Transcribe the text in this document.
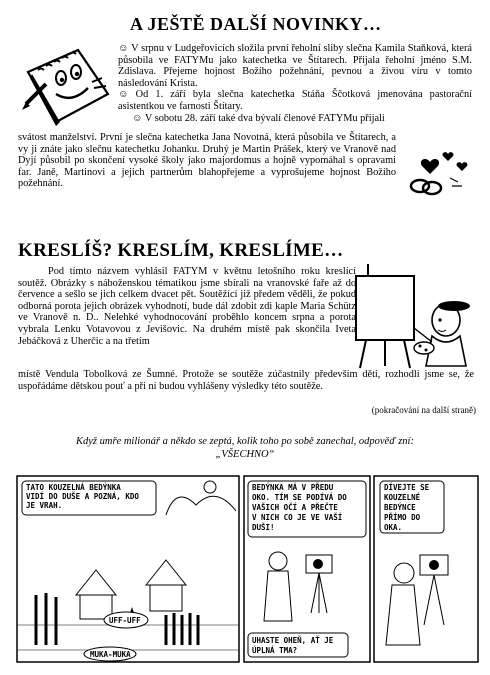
A JEŠTĚ DALŠÍ NOVINKY…
☺ V srpnu v Ludgeřovicích složila první řeholní sliby slečna Kamila Staňková, která působila ve FATYMu jako katechetka ve Štítarech. Přijala řeholní jméno S.M. Zdislava. Přejeme hojnost Božího požehnání, pevnou a živou víru v tomto následování Krista.
☺ Od 1. září byla slečna katechetka Stáňa Ščotková jmenována pastorační asistentkou ve farnosti Štítary.
☺ V sobotu 28. září také dva bývalí členové FATYMu přijali
svátost manželství. První je slečna katechetka Jana Novotná, která působila ve Štítarech, a vy ji znáte jako slečnu katechetku Johanku. Druhý je Martin Prášek, který ve Vranově nad Dyjí působil po skončení vysoké školy jako majordomus a hojně vypomáhal s opravami far. Janě, Martinovi a jejich partnerům blahopřejeme a vyprošujeme hojnost Božího požehnání.
KRESLÍŠ? KRESLÍM, KRESLÍME…
Pod tímto názvem vyhlásil FATYM v květnu letošního roku kreslící soutěž. Obrázky s náboženskou tématikou jsme sbírali na vranovské faře až do července a sešlo se jich celkem dvacet pět. Soutěžící již předem věděli, že pokud odborná porota jejich obrázek vyhodnotí, bude dál zdobit zdi kaple Maria Schütz ve Vranově n. D.. Nelehké vyhodnocování proběhlo koncem srpna a porota vybrala Lenku Votavovou z Jevišovic. Na druhém místě pak skončila Iveta Jebáčková z Uherčic a na třetím
místě Vendula Tobolková ze Šumné. Protože se soutěže zúčastnily především děti, rozhodli jsme se, že uspořádáme dětskou pouť a při ní budou vyhlášeny výsledky této soutěže.
(pokračování na další straně)
Když umře milionář a někdo se zeptá, kolik toho po sobě zanechal, odpověď zní:
„VŠECHNO“
TATO KOUZELNÁ BEDÝNKA
VIDÍ DO DUŠE A POZNÁ, KDO
JE VRAH.
UFF-UFF
MUKA-MUKA
BEDÝNKA MÁ V PŘEDU
OKO. TÍM SE PODÍVÁ DO
VAŠICH OČÍ A PŘEČTE
V NICH CO JE VE VAŠÍ
DUŠI!
UHASTE OHEŇ, AŤ JE
ÚPLNÁ TMA?
DÍVEJTE SE
KOUZELNÉ
BEDÝNCE
PŘÍMO DO
OKA.
